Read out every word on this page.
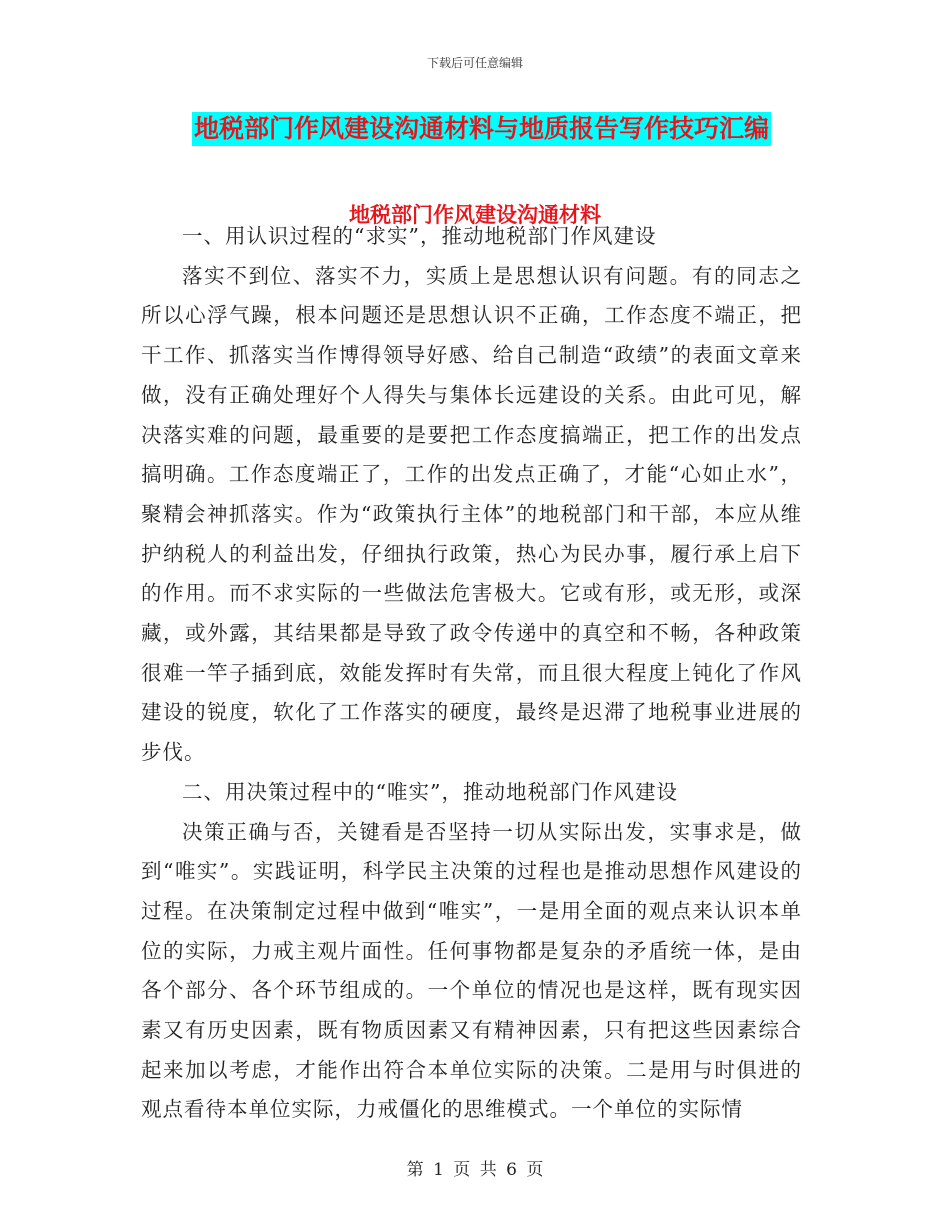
下载后可任意编辑
地税部门作风建设沟通材料与地质报告写作技巧汇编
地税部门作风建设沟通材料

一、用认识过程的“求实”，推动地税部门作风建设

落实不到位、落实不力，实质上是思想认识有问题。有的同志之所以心浮气躁，根本问题还是思想认识不正确，工作态度不端正，把干工作、抓落实当作博得领导好感、给自己制造“政绩”的表面文章来做，没有正确处理好个人得失与集体长远建设的关系。由此可见，解决落实难的问题，最重要的是要把工作态度搞端正，把工作的出发点搞明确。工作态度端正了，工作的出发点正确了，才能“心如止水”，聚精会神抓落实。作为“政策执行主体”的地税部门和干部，本应从维护纳税人的利益出发，仔细执行政策，热心为民办事，履行承上启下的作用。而不求实际的一些做法危害极大。它或有形，或无形，或深藏，或外露，其结果都是导致了政令传递中的真空和不畅，各种政策很难一竿子插到底，效能发挥时有失常，而且很大程度上钝化了作风建设的锐度，软化了工作落实的硬度，最终是迟滞了地税事业进展的步伐。

二、用决策过程中的“唯实”，推动地税部门作风建设

决策正确与否，关键看是否坚持一切从实际出发，实事求是，做到“唯实”。实践证明，科学民主决策的过程也是推动思想作风建设的过程。在决策制定过程中做到“唯实”，一是用全面的观点来认识本单位的实际，力戒主观片面性。任何事物都是复杂的矛盾统一体，是由各个部分、各个环节组成的。一个单位的情况也是这样，既有现实因素又有历史因素，既有物质因素又有精神因素，只有把这些因素综合起来加以考虑，才能作出符合本单位实际的决策。二是用与时俱进的观点看待本单位实际，力戒僵化的思维模式。一个单位的实际情

第 1 页 共 6 页
